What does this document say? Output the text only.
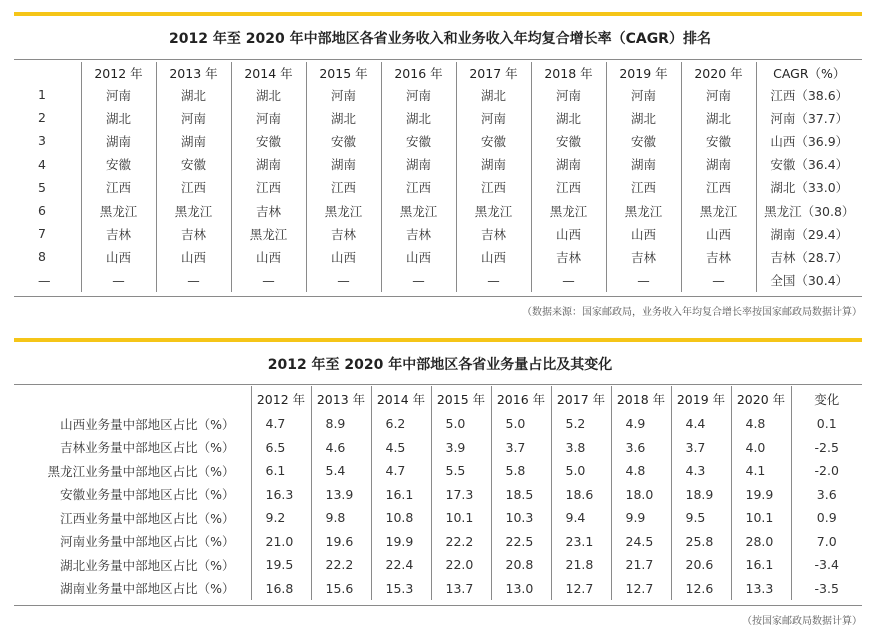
2012 年至 2020 年中部地区各省业务收入和业务收入年均复合增长率（CAGR）排名
	2012 年	2013 年	2014 年	2015 年	2016 年	2017 年	2018 年	2019 年	2020 年	CAGR（%）
1	河南	湖北	湖北	河南	河南	湖北	河南	河南	河南	江西（38.6）
2	湖北	河南	河南	湖北	湖北	河南	湖北	湖北	湖北	河南（37.7）
3	湖南	湖南	安徽	安徽	安徽	安徽	安徽	安徽	安徽	山西（36.9）
4	安徽	安徽	湖南	湖南	湖南	湖南	湖南	湖南	湖南	安徽（36.4）
5	江西	江西	江西	江西	江西	江西	江西	江西	江西	湖北（33.0）
6	黑龙江	黑龙江	吉林	黑龙江	黑龙江	黑龙江	黑龙江	黑龙江	黑龙江	黑龙江（30.8）
7	吉林	吉林	黑龙江	吉林	吉林	吉林	山西	山西	山西	湖南（29.4）
8	山西	山西	山西	山西	山西	山西	吉林	吉林	吉林	吉林（28.7）
—	—	—	—	—	—	—	—	—	—	全国（30.4）
（数据来源：国家邮政局，业务收入年均复合增长率按国家邮政局数据计算）
2012 年至 2020 年中部地区各省业务量占比及其变化
	2012 年	2013 年	2014 年	2015 年	2016 年	2017 年	2018 年	2019 年	2020 年	变化
山西业务量中部地区占比（%）	4.7	8.9	6.2	5.0	5.0	5.2	4.9	4.4	4.8	0.1
吉林业务量中部地区占比（%）	6.5	4.6	4.5	3.9	3.7	3.8	3.6	3.7	4.0	-2.5
黑龙江业务量中部地区占比（%）	6.1	5.4	4.7	5.5	5.8	5.0	4.8	4.3	4.1	-2.0
安徽业务量中部地区占比（%）	16.3	13.9	16.1	17.3	18.5	18.6	18.0	18.9	19.9	3.6
江西业务量中部地区占比（%）	9.2	9.8	10.8	10.1	10.3	9.4	9.9	9.5	10.1	0.9
河南业务量中部地区占比（%）	21.0	19.6	19.9	22.2	22.5	23.1	24.5	25.8	28.0	7.0
湖北业务量中部地区占比（%）	19.5	22.2	22.4	22.0	20.8	21.8	21.7	20.6	16.1	-3.4
湖南业务量中部地区占比（%）	16.8	15.6	15.3	13.7	13.0	12.7	12.7	12.6	13.3	-3.5
（按国家邮政局数据计算）
